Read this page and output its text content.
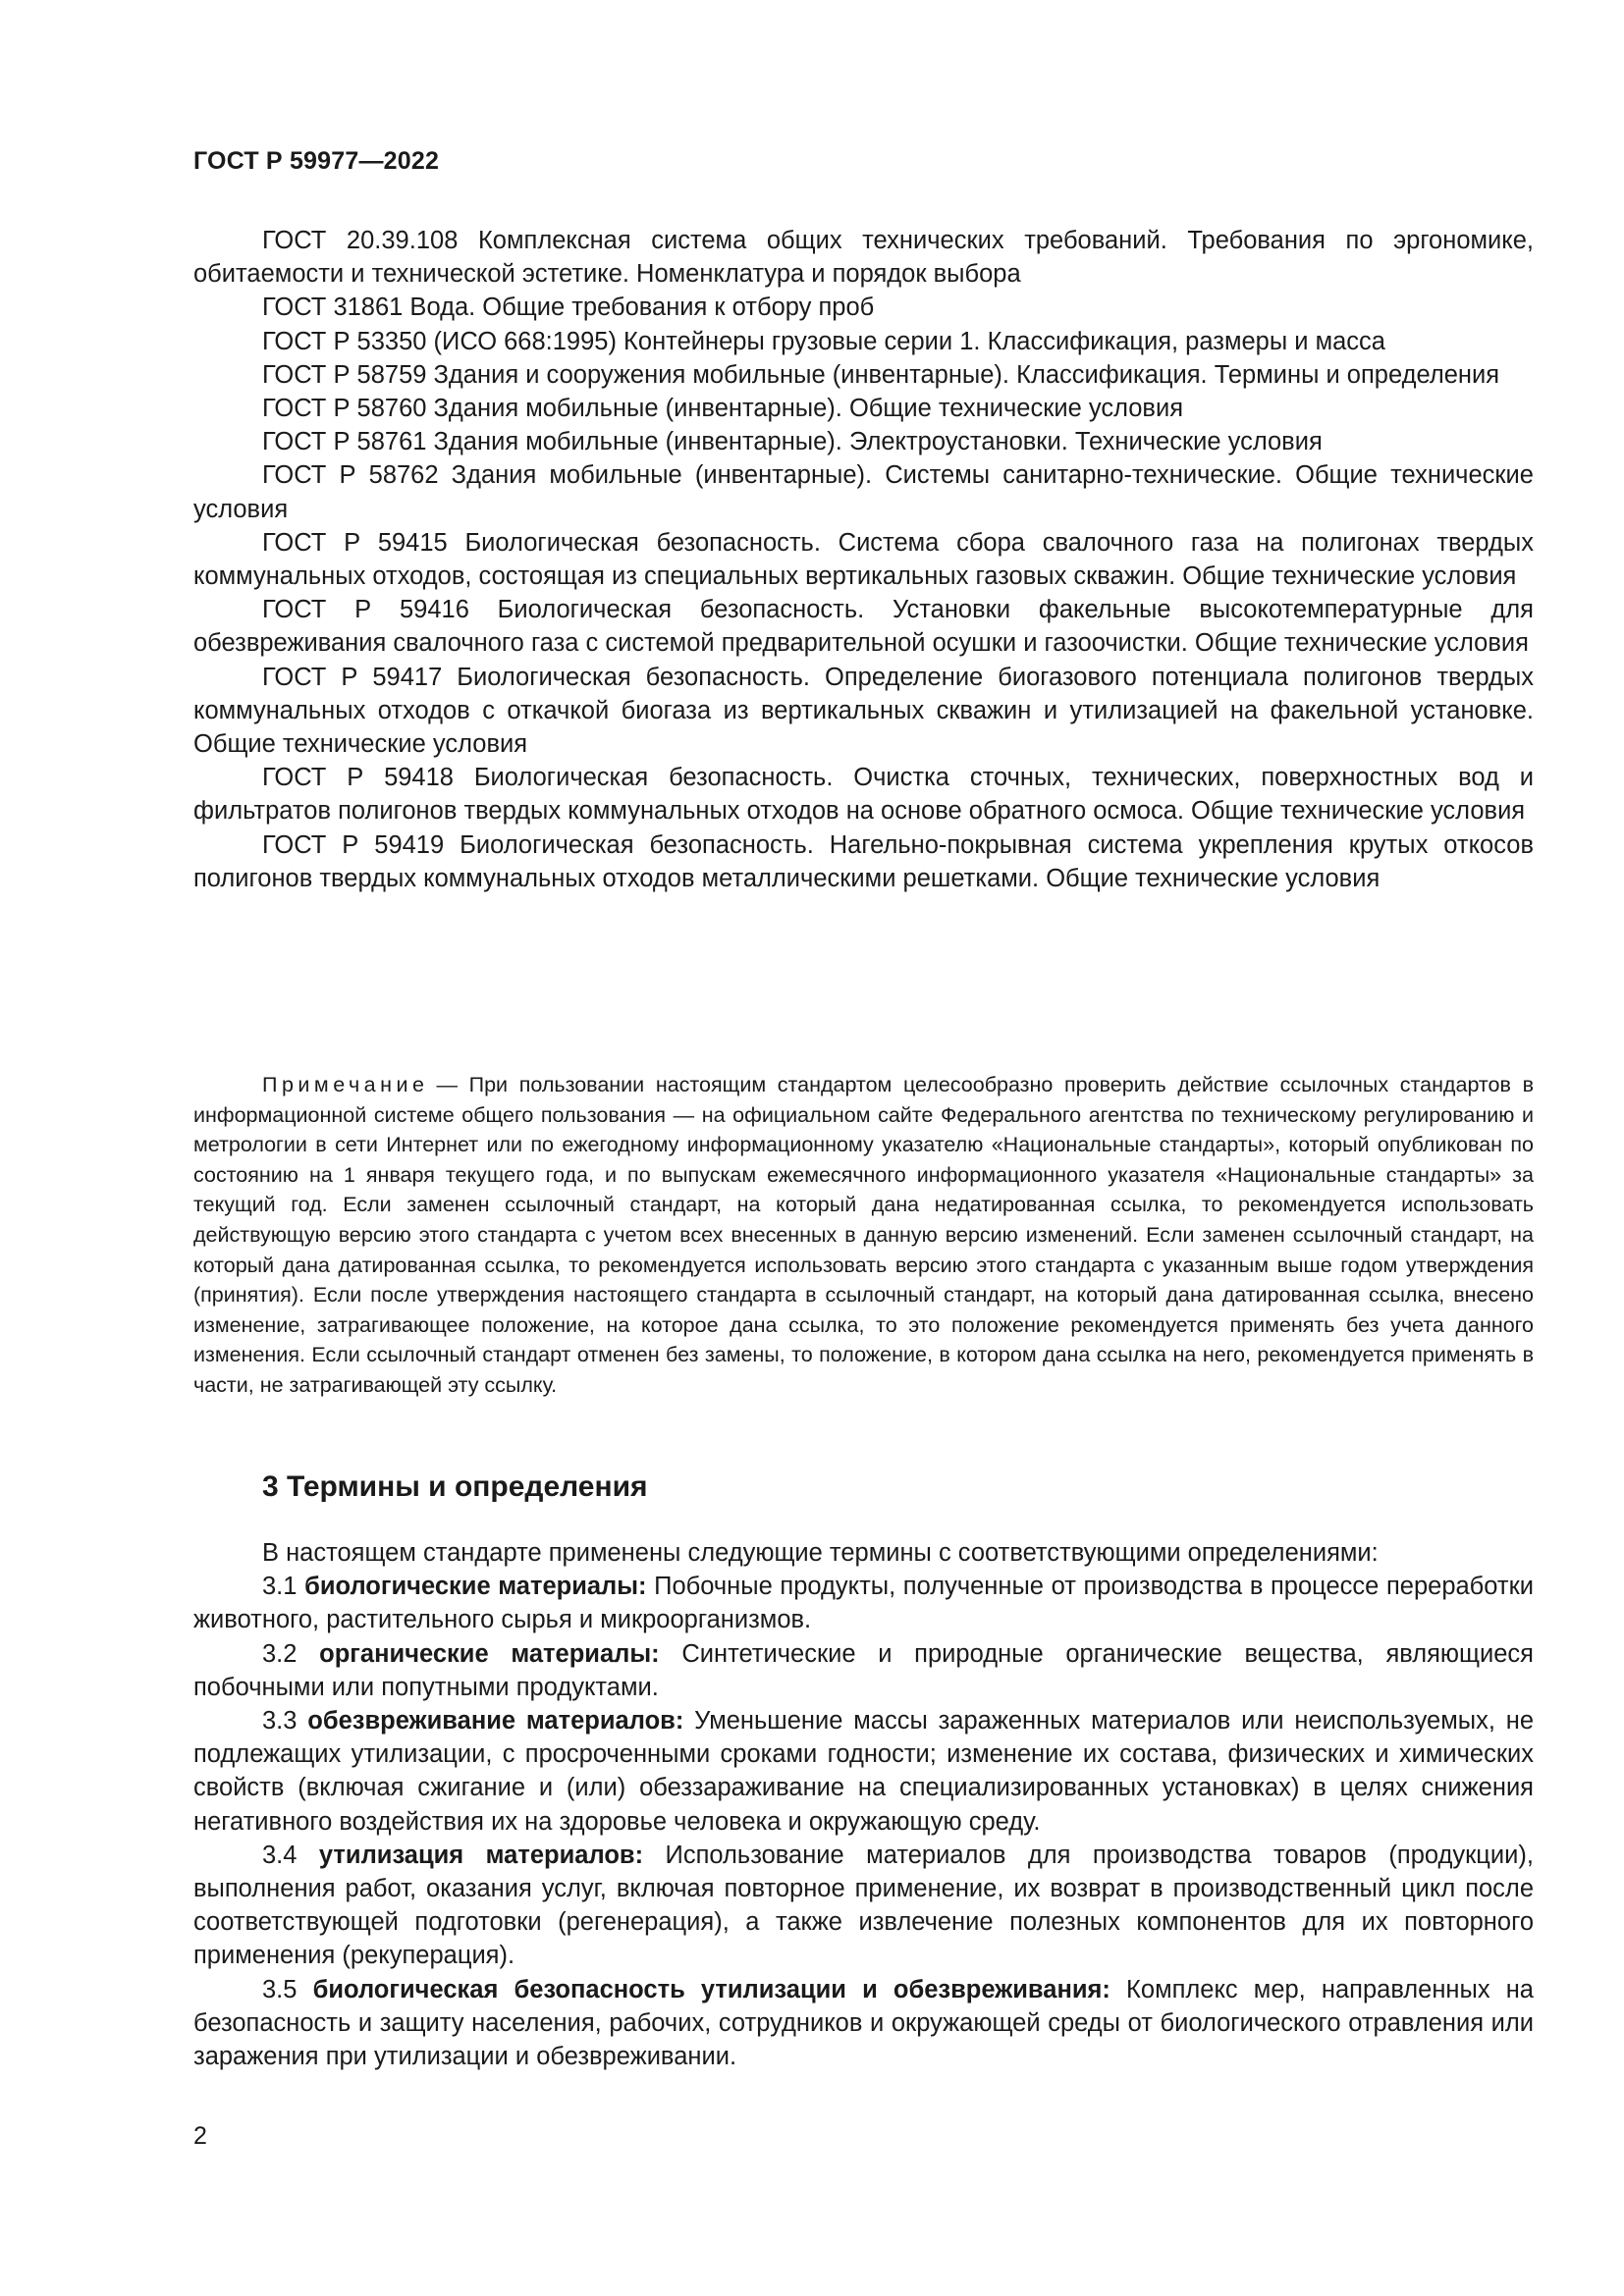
ГОСТ Р 59977—2022

ГОСТ 20.39.108 Комплексная система общих технических требований. Требования по эргономике, обитаемости и технической эстетике. Номенклатура и порядок выбора

ГОСТ 31861 Вода. Общие требования к отбору проб

ГОСТ Р 53350 (ИСО 668:1995) Контейнеры грузовые серии 1. Классификация, размеры и масса

ГОСТ Р 58759 Здания и сооружения мобильные (инвентарные). Классификация. Термины и определения

ГОСТ Р 58760 Здания мобильные (инвентарные). Общие технические условия

ГОСТ Р 58761 Здания мобильные (инвентарные). Электроустановки. Технические условия

ГОСТ Р 58762 Здания мобильные (инвентарные). Системы санитарно-технические. Общие технические условия

ГОСТ Р 59415 Биологическая безопасность. Система сбора свалочного газа на полигонах твердых коммунальных отходов, состоящая из специальных вертикальных газовых скважин. Общие технические условия

ГОСТ Р 59416 Биологическая безопасность. Установки факельные высокотемпературные для обезвреживания свалочного газа с системой предварительной осушки и газоочистки. Общие технические условия

ГОСТ Р 59417 Биологическая безопасность. Определение биогазового потенциала полигонов твердых коммунальных отходов с откачкой биогаза из вертикальных скважин и утилизацией на факельной установке. Общие технические условия

ГОСТ Р 59418 Биологическая безопасность. Очистка сточных, технических, поверхностных вод и фильтратов полигонов твердых коммунальных отходов на основе обратного осмоса. Общие технические условия

ГОСТ Р 59419 Биологическая безопасность. Нагельно-покрывная система укрепления крутых откосов полигонов твердых коммунальных отходов металлическими решетками. Общие технические условия

Примечание — При пользовании настоящим стандартом целесообразно проверить действие ссылочных стандартов в информационной системе общего пользования — на официальном сайте Федерального агентства по техническому регулированию и метрологии в сети Интернет или по ежегодному информационному указателю «Национальные стандарты», который опубликован по состоянию на 1 января текущего года, и по выпускам ежемесячного информационного указателя «Национальные стандарты» за текущий год. Если заменен ссылочный стандарт, на который дана недатированная ссылка, то рекомендуется использовать действующую версию этого стандарта с учетом всех внесенных в данную версию изменений. Если заменен ссылочный стандарт, на который дана датированная ссылка, то рекомендуется использовать версию этого стандарта с указанным выше годом утверждения (принятия). Если после утверждения настоящего стандарта в ссылочный стандарт, на который дана датированная ссылка, внесено изменение, затрагивающее положение, на которое дана ссылка, то это положение рекомендуется применять без учета данного изменения. Если ссылочный стандарт отменен без замены, то положение, в котором дана ссылка на него, рекомендуется применять в части, не затрагивающей эту ссылку.
3 Термины и определения

В настоящем стандарте применены следующие термины с соответствующими определениями:

3.1 биологические материалы: Побочные продукты, полученные от производства в процессе переработки животного, растительного сырья и микроорганизмов.

3.2 органические материалы: Синтетические и природные органические вещества, являющиеся побочными или попутными продуктами.

3.3 обезвреживание материалов: Уменьшение массы зараженных материалов или неиспользуемых, не подлежащих утилизации, с просроченными сроками годности; изменение их состава, физических и химических свойств (включая сжигание и (или) обеззараживание на специализированных установках) в целях снижения негативного воздействия их на здоровье человека и окружающую среду.

3.4 утилизация материалов: Использование материалов для производства товаров (продукции), выполнения работ, оказания услуг, включая повторное применение, их возврат в производственный цикл после соответствующей подготовки (регенерация), а также извлечение полезных компонентов для их повторного применения (рекуперация).

3.5 биологическая безопасность утилизации и обезвреживания: Комплекс мер, направленных на безопасность и защиту населения, рабочих, сотрудников и окружающей среды от биологического отравления или заражения при утилизации и обезвреживании.

2
